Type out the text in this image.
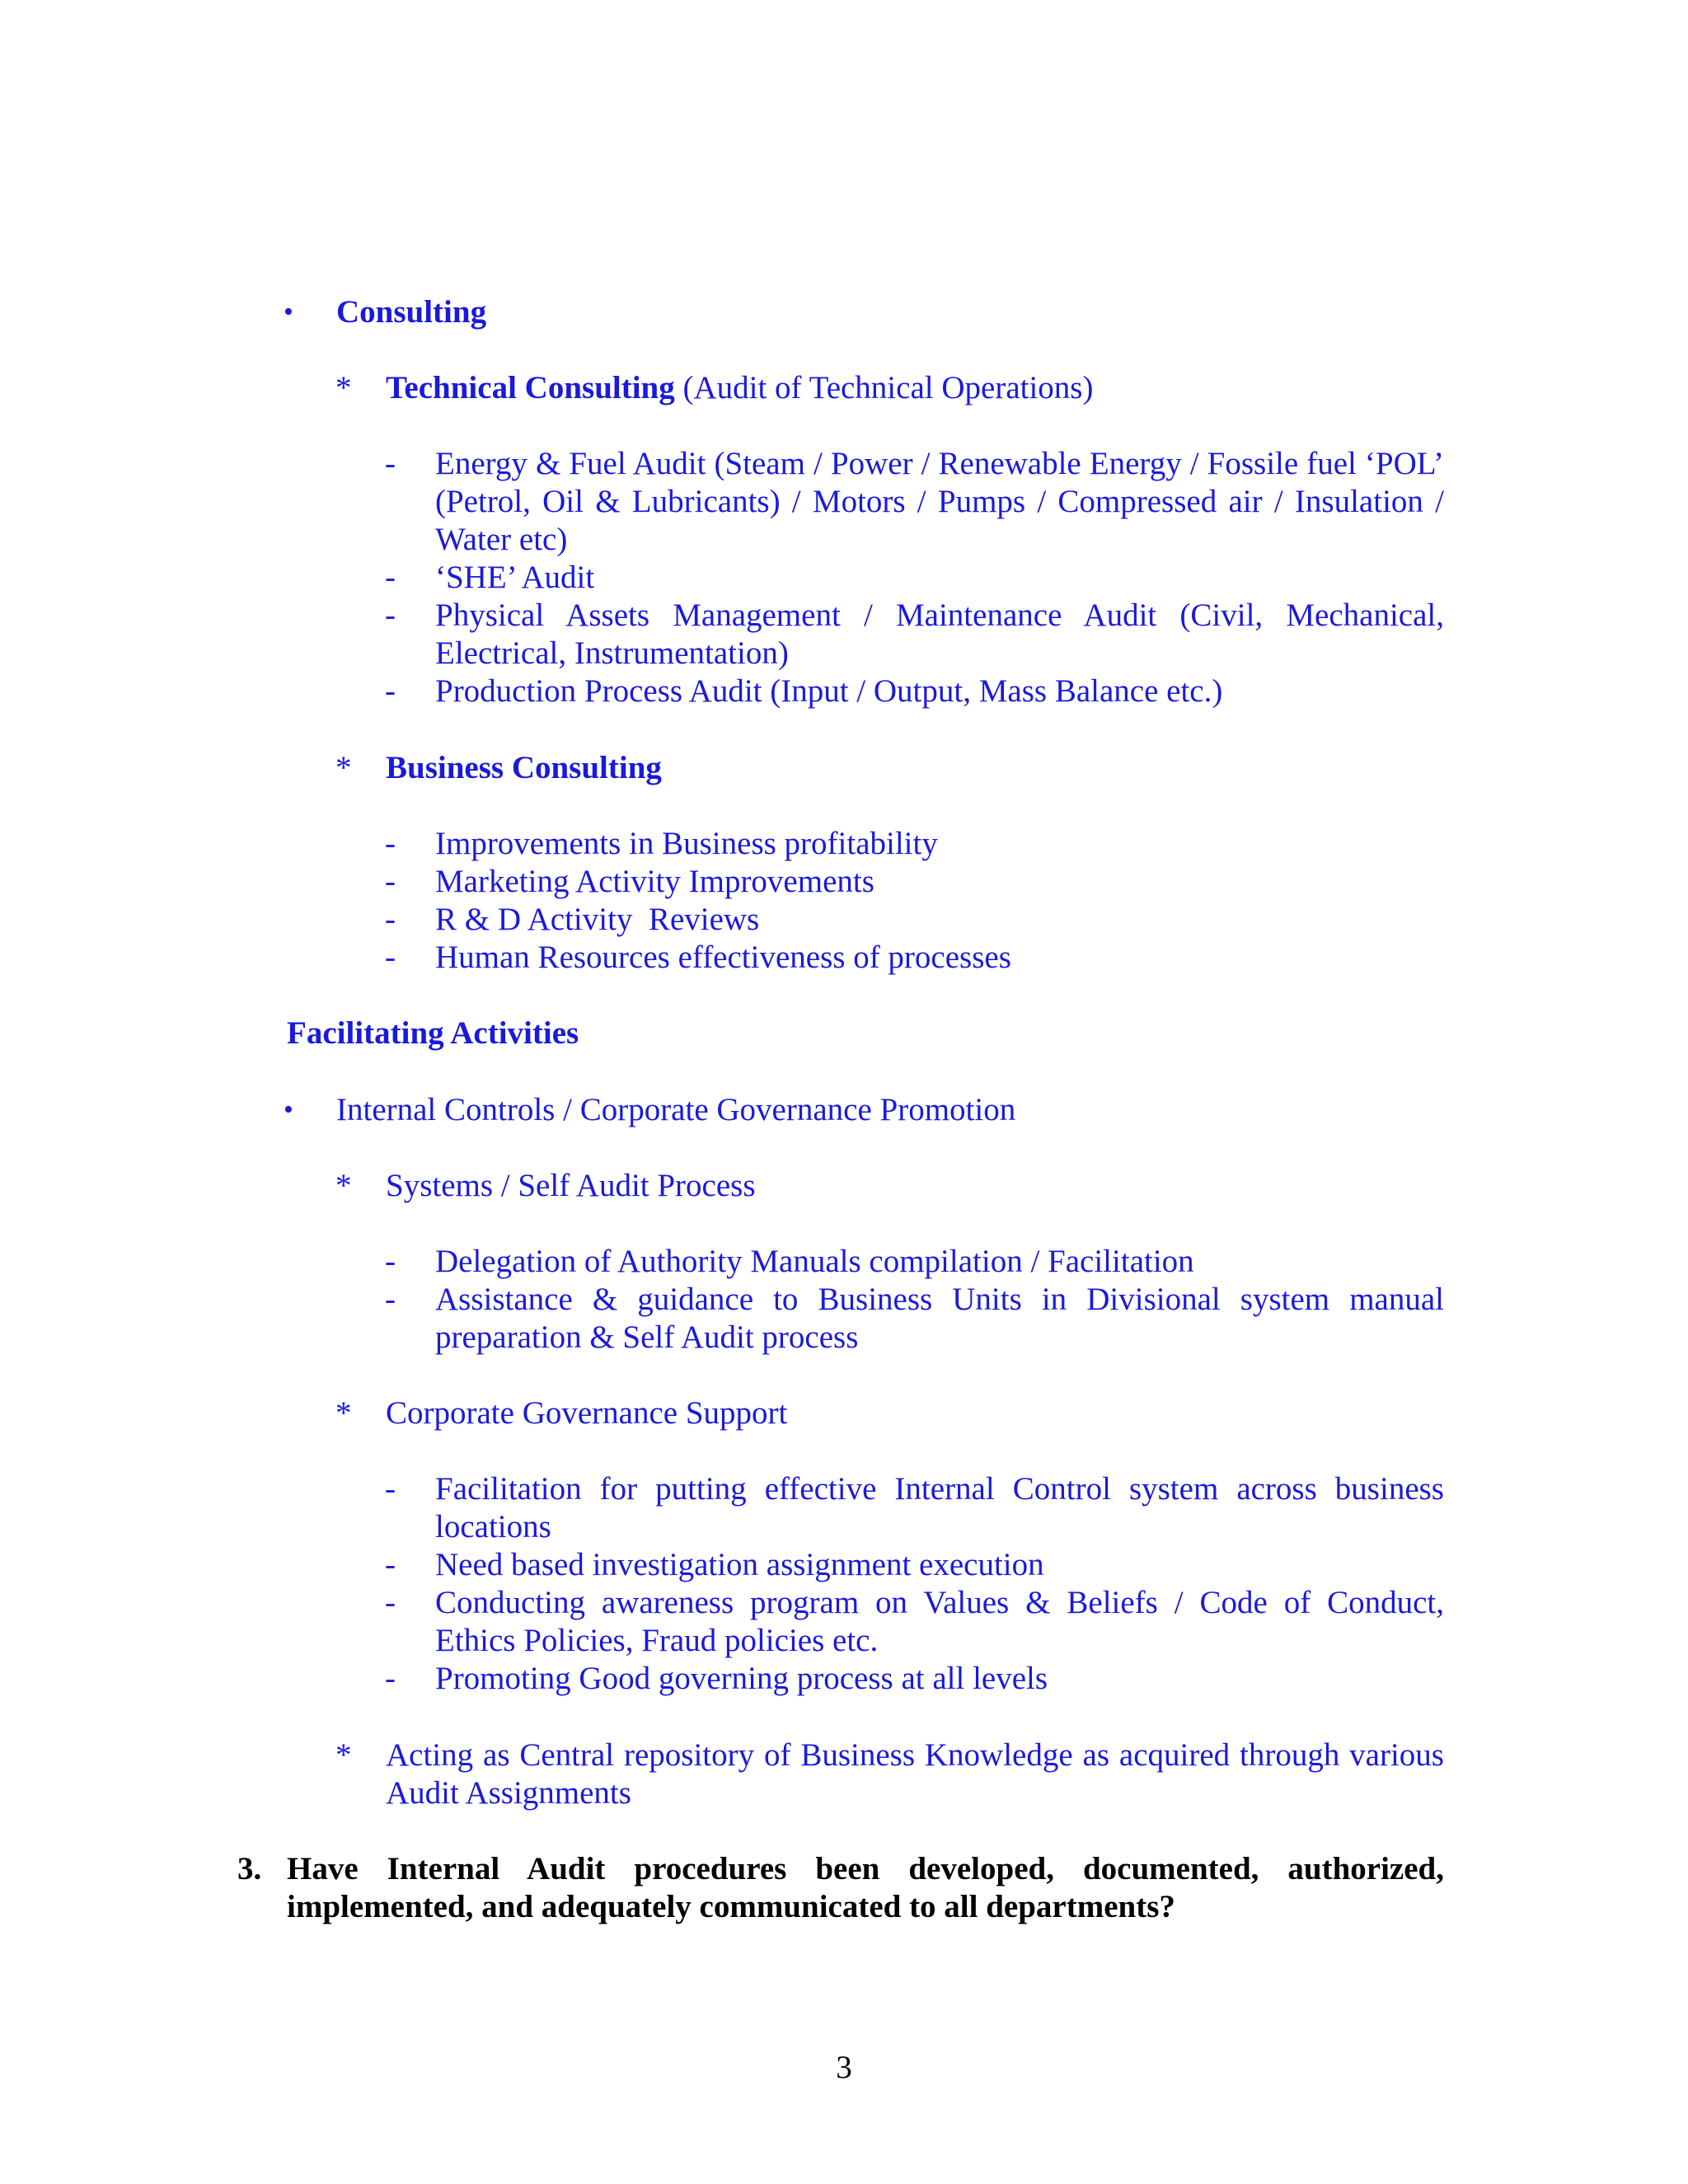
• Consulting
* Technical Consulting (Audit of Technical Operations)
- Energy & Fuel Audit (Steam / Power / Renewable Energy / Fossile fuel ‘POL’ (Petrol, Oil & Lubricants) / Motors / Pumps / Compressed air / Insulation / Water etc)
- ‘SHE’ Audit
- Physical Assets Management / Maintenance Audit (Civil, Mechanical, Electrical, Instrumentation)
- Production Process Audit (Input / Output, Mass Balance etc.)
* Business Consulting
- Improvements in Business profitability
- Marketing Activity Improvements
- R & D Activity  Reviews
- Human Resources effectiveness of processes
Facilitating Activities
• Internal Controls / Corporate Governance Promotion
* Systems / Self Audit Process
- Delegation of Authority Manuals compilation / Facilitation
- Assistance & guidance to Business Units in Divisional system manual preparation & Self Audit process
* Corporate Governance Support
- Facilitation for putting effective Internal Control system across business locations
- Need based investigation assignment execution
- Conducting awareness program on Values & Beliefs / Code of Conduct, Ethics Policies, Fraud policies etc.
- Promoting Good governing process at all levels
* Acting as Central repository of Business Knowledge as acquired through various Audit Assignments
3. Have Internal Audit procedures been developed, documented, authorized, implemented, and adequately communicated to all departments?
3
